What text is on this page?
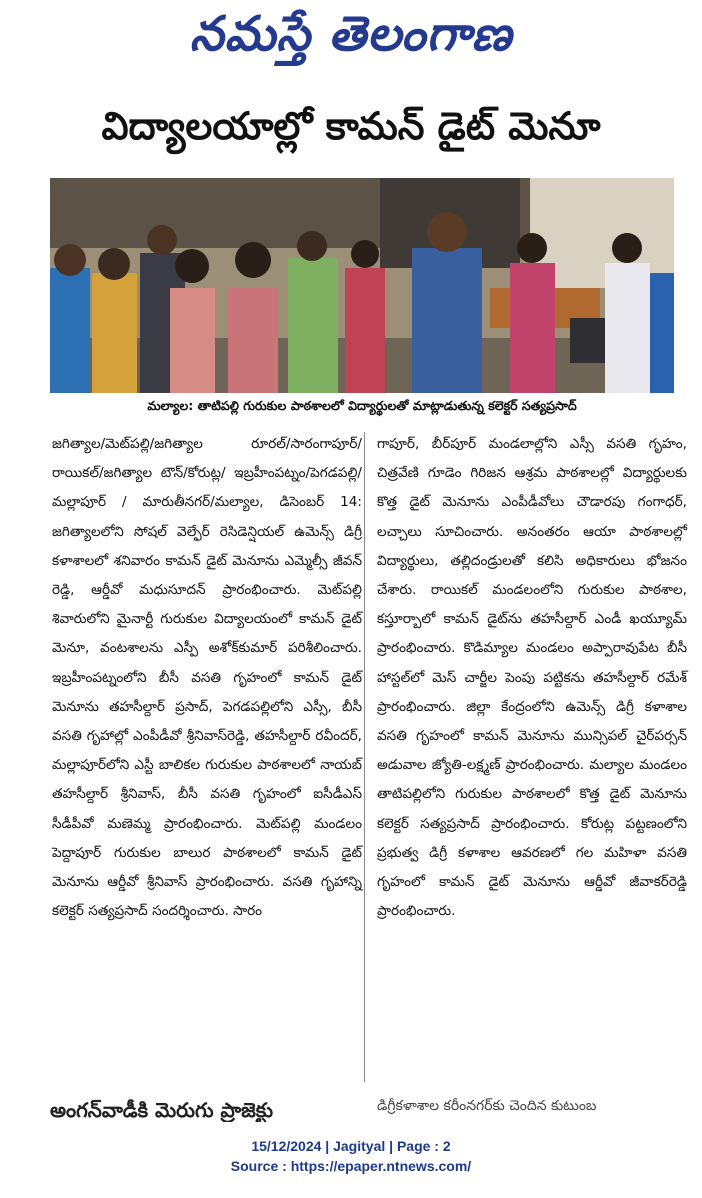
నమస్తే తెలంగాణ
విద్యాలయాల్లో కామన్ డైట్ మెనూ
మల్యాల: తాటిపల్లి గురుకుల పాఠశాలలో విద్యార్థులతో మాట్లాడుతున్న కలెక్టర్ సత్యప్రసాద్

జగిత్యాల/మెట్‌పల్లి/జగిత్యాల రూరల్/సారంగాపూర్/రాయికల్/జగిత్యాల టౌన్/కోరుట్ల/ ఇబ్రహీంపట్నం/పెగడపల్లి/మల్లాపూర్ / మారుతీనగర్/మల్యాల, డిసెంబర్ 14: జగిత్యాలలోని సోషల్ వెల్ఫేర్ రెసిడెన్షియల్ ఉమెన్స్ డిగ్రీ కళాశాలలో శనివారం కామన్ డైట్ మెనూను ఎమ్మెల్సీ జీవన్ రెడ్డి, ఆర్డీవో మధుసూదన్ ప్రారంభించారు. మెట్‌పల్లి శివారులోని మైనార్టీ గురుకుల విద్యాలయంలో కామన్ డైట్ మెనూ, వంటశాలను ఎస్పీ అశోక్‌కుమార్ పరిశీలించారు. ఇబ్రహీంపట్నంలోని బీసీ వసతి గృహంలో కామన్ డైట్ మెనూను తహసీల్దార్ ప్రసాద్, పెగడపల్లిలోని ఎస్సీ, బీసీ వసతి గృహాల్లో ఎంపీడీవో శ్రీనివాస్‌రెడ్డి, తహసీల్దార్ రవీందర్, మల్లాపూర్‌లోని ఎస్టీ బాలికల గురుకుల పాఠశాలలో నాయబ్ తహసీల్దార్ శ్రీనివాస్, బీసీ వసతి గృహంలో ఐసీడీఎస్ సీడీపీవో మణెమ్మ ప్రారంభించారు. మెట్‌పల్లి మండలం పెద్దాపూర్ గురుకుల బాలుర పాఠశాలలో కామన్ డైట్ మెనూను ఆర్డీవో శ్రీనివాస్ ప్రారంభించారు. వసతి గృహాన్ని కలెక్టర్ సత్యప్రసాద్ సందర్శించారు. సారం

గాపూర్, బీర్‌పూర్ మండలాల్లోని ఎస్సీ వసతి గృహం, చిత్రవేణి గూడెం గిరిజన ఆశ్రమ పాఠశాలల్లో విద్యార్థులకు కొత్త డైట్ మెనూను ఎంపీడీవోలు చౌడారపు గంగాధర్, లచ్చాలు సూచించారు. అనంతరం ఆయా పాఠశాలల్లో విద్యార్థులు, తల్లిదండ్రులతో కలిసి అధికారులు భోజనం చేశారు. రాయికల్ మండలంలోని గురుకుల పాఠశాల, కస్తూర్బాలో కామన్ డైట్‌ను తహసీల్దార్ ఎండీ ఖయ్యూమ్ ప్రారంభించారు. కొడిమ్యాల మండలం అప్పారావుపేట బీసీ హాస్టల్‌లో మెస్ చార్జీల పెంపు పట్టికను తహసీల్దార్ రమేశ్ ప్రారంభించారు. జిల్లా కేంద్రంలోని ఉమెన్స్ డిగ్రీ కళాశాల వసతి గృహంలో కామన్ మెనూను మున్సిపల్ చైర్‌పర్సన్ అడువాల జ్యోతి-లక్ష్మణ్ ప్రారంభించారు. మల్యాల మండలం తాటిపల్లిలోని గురుకుల పాఠశాలలో కొత్త డైట్ మెనూను కలెక్టర్ సత్యప్రసాద్ ప్రారంభించారు. కోరుట్ల పట్టణంలోని ప్రభుత్వ డిగ్రీ కళాశాల ఆవరణలో గల మహిళా వసతి గృహంలో కామన్ డైట్ మెనూను ఆర్డీవో జీవాకర్‌రెడ్డి ప్రారంభించారు.

అంగన్‌వాడీకి మెరుగు ప్రాజెక్టు	డిగ్రీకళాశాల కరీంనగర్‌కు చెందిన కుటుంబ
15/12/2024 | Jagityal | Page : 2
Source : https://epaper.ntnews.com/
